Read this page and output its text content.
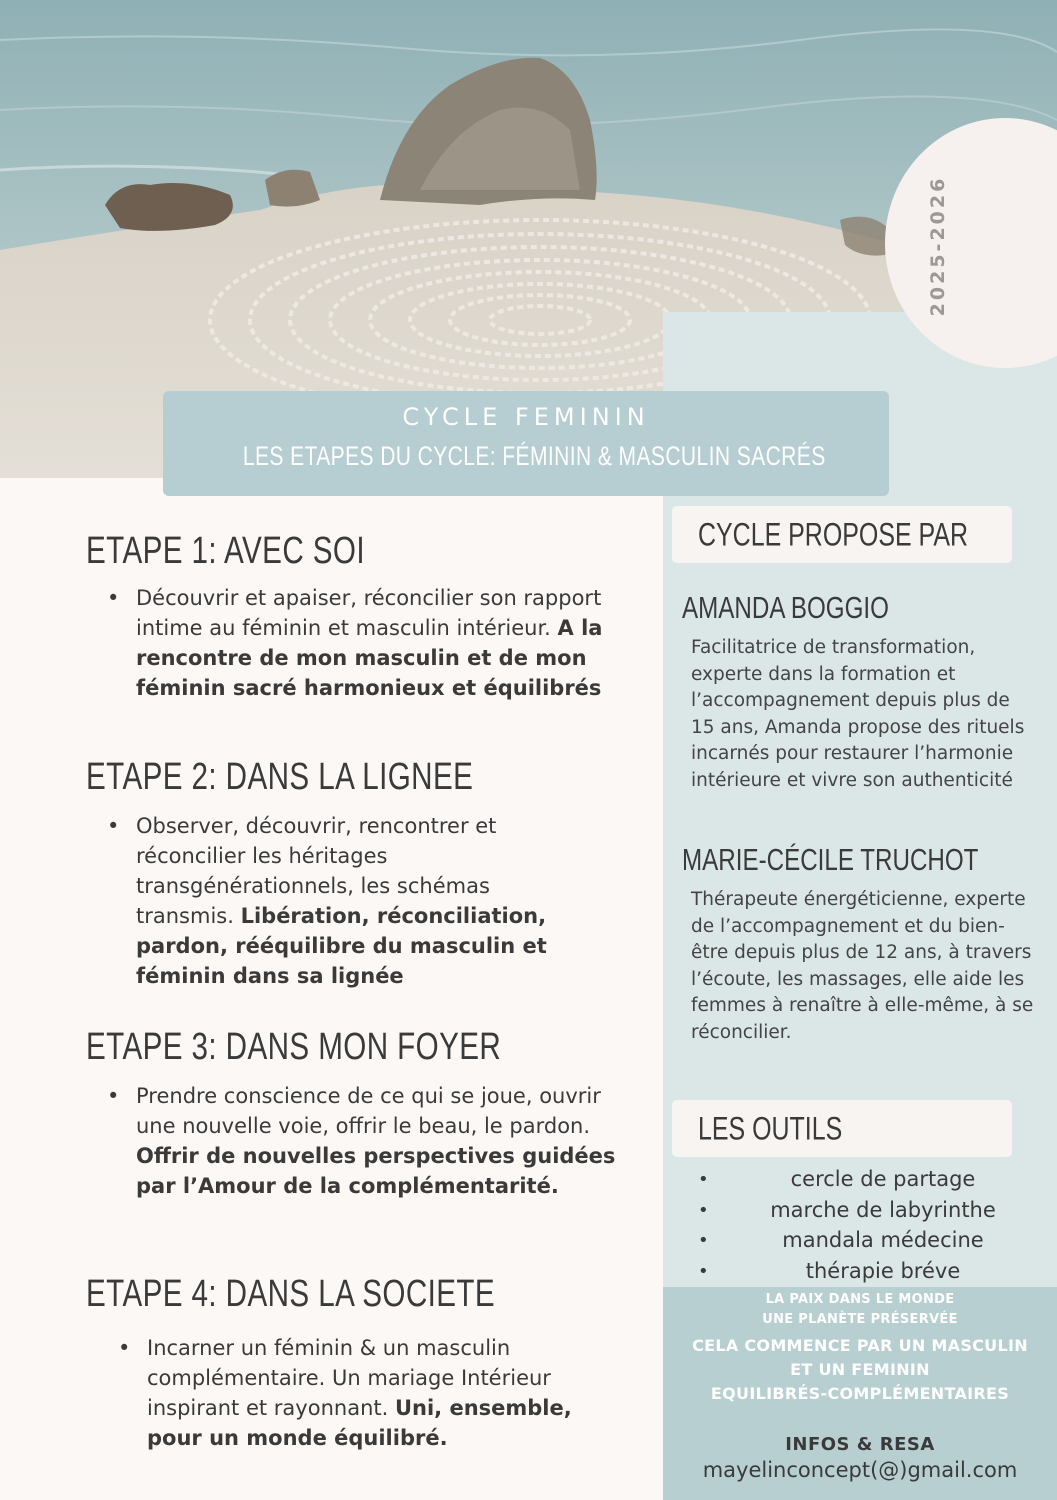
2025-2026
CYCLE FEMININ
LES ETAPES DU CYCLE: FÉMININ & MASCULIN SACRÉS
ETAPE 1: AVEC SOI
• Découvrir et apaiser, réconcilier son rapport intime au féminin et masculin intérieur. A la rencontre de mon masculin et de mon féminin sacré harmonieux et équilibrés
ETAPE 2: DANS LA LIGNEE
• Observer, découvrir, rencontrer et réconcilier les héritages transgénérationnels, les schémas transmis. Libération, réconciliation, pardon, rééquilibre du masculin et féminin dans sa lignée
ETAPE 3: DANS MON FOYER
• Prendre conscience de ce qui se joue, ouvrir une nouvelle voie, offrir le beau, le pardon. Offrir de nouvelles perspectives guidées par l’Amour de la complémentarité.
ETAPE 4: DANS LA SOCIETE
• Incarner un féminin & un masculin complémentaire. Un mariage Intérieur inspirant et rayonnant. Uni, ensemble, pour un monde équilibré.
CYCLE PROPOSE PAR
AMANDA BOGGIO
Facilitatrice de transformation, experte dans la formation et l’accompagnement depuis plus de 15 ans, Amanda propose des rituels incarnés pour restaurer l’harmonie intérieure et vivre son authenticité
MARIE-CÉCILE TRUCHOT
Thérapeute énergéticienne, experte de l’accompagnement et du bien-être depuis plus de 12 ans, à travers l’écoute, les massages, elle aide les femmes à renaître à elle-même, à se réconcilier.
LES OUTILS
•	cercle de partage
•	marche de labyrinthe
•	mandala médecine
•	thérapie bréve
LA PAIX DANS LE MONDE
UNE PLANÈTE PRÉSERVÉE
CELA COMMENCE PAR UN MASCULIN
ET UN FEMININ
EQUILIBRÉS-COMPLÉMENTAIRES
INFOS & RESA
mayelinconcept(@)gmail.com
